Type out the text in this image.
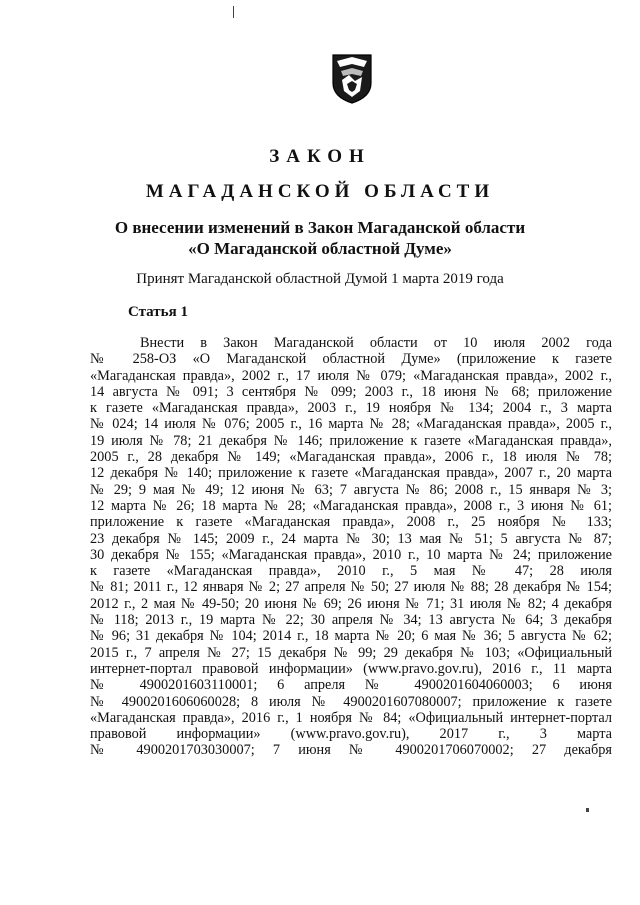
ЗАКОН
МАГАДАНСКОЙ ОБЛАСТИ
О внесении изменений в Закон Магаданской области
«О Магаданской областной Думе»
Принят Магаданской областной Думой 1 марта 2019 года
Статья 1
Внести в Закон Магаданской области от 10 июля 2002 года
№ 258-ОЗ «О Магаданской областной Думе» (приложение к газете
«Магаданская правда», 2002 г., 17 июля № 079; «Магаданская правда», 2002 г.,
14 августа № 091; 3 сентября № 099; 2003 г., 18 июня № 68; приложение
к газете «Магаданская правда», 2003 г., 19 ноября № 134; 2004 г., 3 марта
№ 024; 14 июля № 076; 2005 г., 16 марта № 28; «Магаданская правда», 2005 г.,
19 июля № 78; 21 декабря № 146; приложение к газете «Магаданская правда»,
2005 г., 28 декабря № 149; «Магаданская правда», 2006 г., 18 июля № 78;
12 декабря № 140; приложение к газете «Магаданская правда», 2007 г., 20 марта
№ 29; 9 мая № 49; 12 июня № 63; 7 августа № 86; 2008 г., 15 января № 3;
12 марта № 26; 18 марта № 28; «Магаданская правда», 2008 г., 3 июня № 61;
приложение к газете «Магаданская правда», 2008 г., 25 ноября № 133;
23 декабря № 145; 2009 г., 24 марта № 30; 13 мая № 51; 5 августа № 87;
30 декабря № 155; «Магаданская правда», 2010 г., 10 марта № 24; приложение
к газете «Магаданская правда», 2010 г., 5 мая № 47; 28 июля
№ 81; 2011 г., 12 января № 2; 27 апреля № 50; 27 июля № 88; 28 декабря № 154;
2012 г., 2 мая № 49-50; 20 июня № 69; 26 июня № 71; 31 июля № 82; 4 декабря
№ 118; 2013 г., 19 марта № 22; 30 апреля № 34; 13 августа № 64; 3 декабря
№ 96; 31 декабря № 104; 2014 г., 18 марта № 20; 6 мая № 36; 5 августа № 62;
2015 г., 7 апреля № 27; 15 декабря № 99; 29 декабря № 103; «Официальный
интернет-портал правовой информации» (www.pravo.gov.ru), 2016 г., 11 марта
№ 4900201603110001; 6 апреля № 4900201604060003; 6 июня
№ 4900201606060028; 8 июля № 4900201607080007; приложение к газете
«Магаданская правда», 2016 г., 1 ноября № 84; «Официальный интернет-портал
правовой информации» (www.pravo.gov.ru), 2017 г., 3 марта
№ 4900201703030007; 7 июня № 4900201706070002; 27 декабря
